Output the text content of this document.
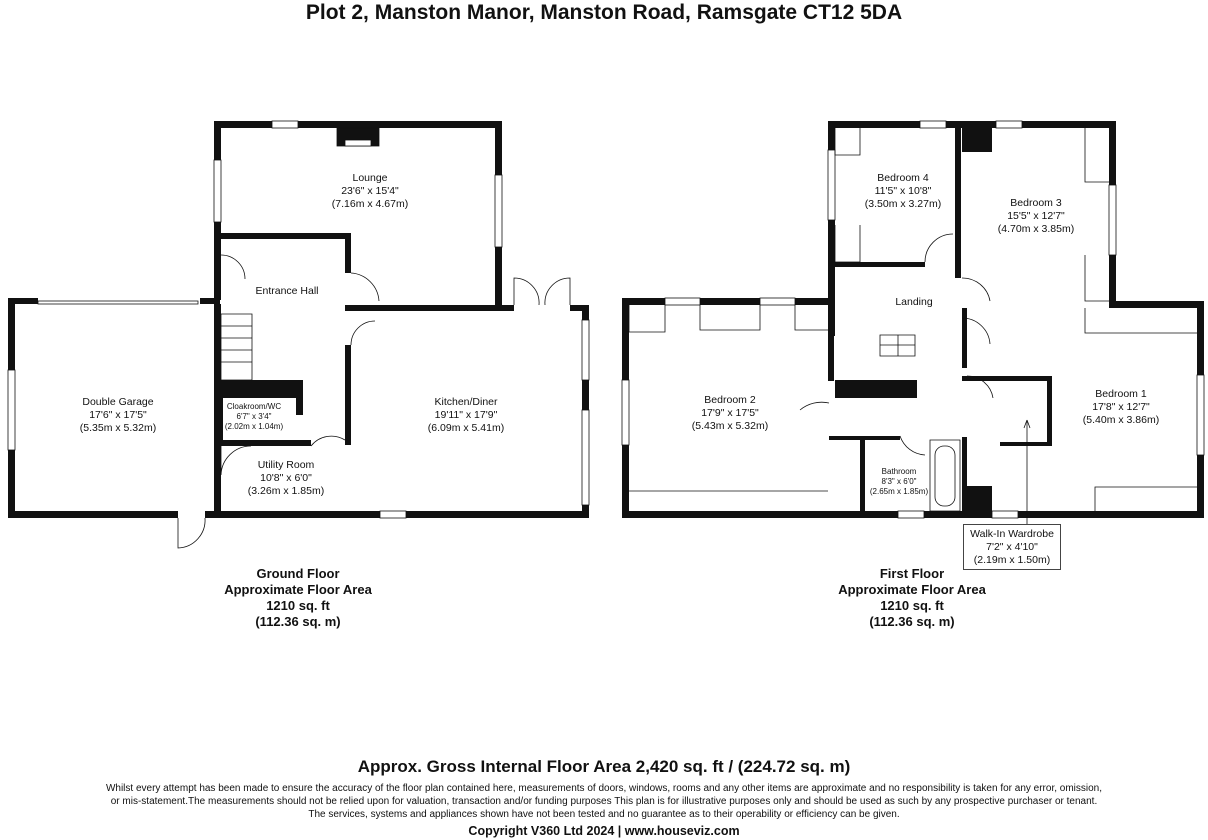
Plot 2, Manston Manor, Manston Road, Ramsgate CT12 5DA
Lounge
23'6" x 15'4"
(7.16m x 4.67m)
Entrance Hall
Double Garage
17'6" x 17'5"
(5.35m x 5.32m)
Kitchen/Diner
19'11" x 17'9"
(6.09m x 5.41m)
Cloakroom/WC
6'7" x 3'4"
(2.02m x 1.04m)
Utility Room
10'8" x 6'0"
(3.26m x 1.85m)
Bedroom 4
11'5" x 10'8"
(3.50m x 3.27m)	Bedroom 3
15'5" x 12'7"
(4.70m x 3.85m)
Landing
Bedroom 2
17'9" x 17'5"
(5.43m x 5.32m)
Bedroom 1
17'8" x 12'7"
(5.40m x 3.86m)
Bathroom
8'3" x 6'0"
(2.65m x 1.85m)
Walk-In Wardrobe
7'2" x 4'10"
(2.19m x 1.50m)
Ground Floor
Approximate Floor Area
1210 sq. ft
(112.36 sq. m)
First Floor
Approximate Floor Area
1210 sq. ft
(112.36 sq. m)
Approx. Gross Internal Floor Area 2,420 sq. ft / (224.72 sq. m)
Whilst every attempt has been made to ensure the accuracy of the floor plan contained here, measurements of doors, windows, rooms and any other items are approximate and no responsibility is taken for any error, omission,
or mis-statement.The measurements should not be relied upon for valuation, transaction and/or funding purposes This plan is for illustrative purposes only and should be used as such by any prospective purchaser or tenant.
The services, systems and appliances shown have not been tested and no guarantee as to their operability or efficiency can be given.
Copyright V360 Ltd 2024 | www.houseviz.com
